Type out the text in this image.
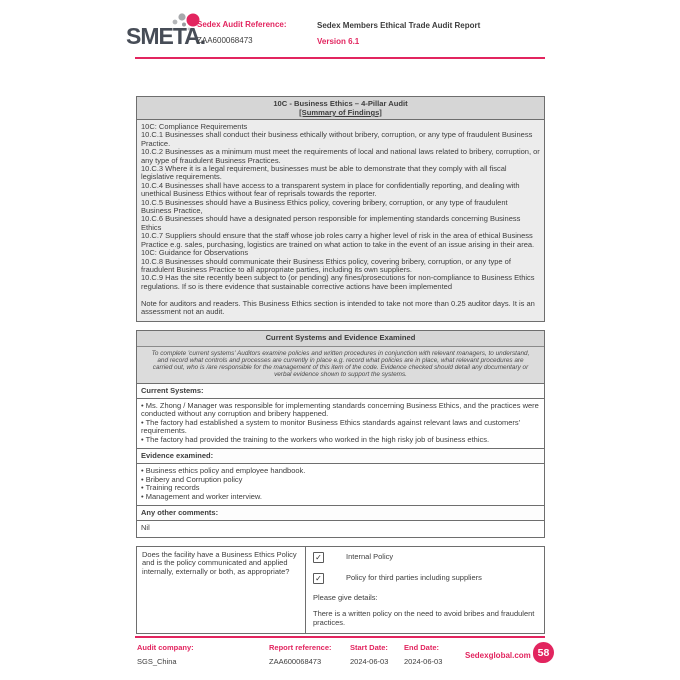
SMETA.
Sedex Audit Reference:
ZAA600068473
Sedex Members Ethical Trade Audit Report
Version 6.1
10C - Business Ethics – 4-Pillar Audit
[Summary of Findings]

10C: Compliance Requirements

10.C.1 Businesses shall conduct their business ethically without bribery, corruption, or any type of fraudulent Business Practice.

10.C.2 Businesses as a minimum must meet the requirements of local and national laws related to bribery, corruption, or any type of fraudulent Business Practices.

10.C.3 Where it is a legal requirement, businesses must be able to demonstrate that they comply with all fiscal legislative requirements.

10.C.4 Businesses shall have access to a transparent system in place for confidentially reporting, and dealing with unethical Business Ethics without fear of reprisals towards the reporter.

10.C.5 Businesses should have a Business Ethics policy, covering bribery, corruption, or any type of fraudulent Business Practice,

10.C.6 Businesses should have a designated person responsible for implementing standards concerning Business Ethics

10.C.7 Suppliers should ensure that the staff whose job roles carry a higher level of risk in the area of ethical Business Practice e.g. sales, purchasing, logistics are trained on what action to take in the event of an issue arising in their area.

10C: Guidance for Observations

10.C.8 Businesses should communicate their Business Ethics policy, covering bribery, corruption, or any type of fraudulent Business Practice to all appropriate parties, including its own suppliers.

10.C.9 Has the site recently been subject to (or pending) any fines/prosecutions for non-compliance to Business Ethics regulations. If so is there evidence that sustainable corrective actions have been implemented

Note for auditors and readers. This Business Ethics section is intended to take not more than 0.25 auditor days. It is an assessment not an audit.

Current Systems and Evidence Examined
To complete 'current systems' Auditors examine policies and written procedures in conjunction with relevant managers, to understand, and record what controls and processes are currently in place e.g. record what policies are in place, what relevant procedures are carried out, who is /are responsible for the management of this item of the code. Evidence checked should detail any documentary or verbal evidence shown to support the systems.
Current Systems:

• Ms. Zhong / Manager was responsible for implementing standards concerning Business Ethics, and the practices were conducted without any corruption and bribery happened.

• The factory had established a system to monitor Business Ethics standards against relevant laws and customers' requirements.

• The factory had provided the training to the workers who worked in the high risky job of business ethics.

Evidence examined:

• Business ethics policy and employee handbook.

• Bribery and Corruption policy

• Training records

• Management and worker interview.

Any other comments:
Nil
Does the facility have a Business Ethics Policy and is the policy communicated and applied internally, externally or both, as appropriate?
✓	Internal Policy
✓	Policy for third parties including suppliers
Please give details:
There is a written policy on the need to avoid bribes and fraudulent practices.
Audit company:
SGS_China
Report reference:
ZAA600068473
Start Date:
2024-06-03
End Date:
2024-06-03
Sedexglobal.com 58
